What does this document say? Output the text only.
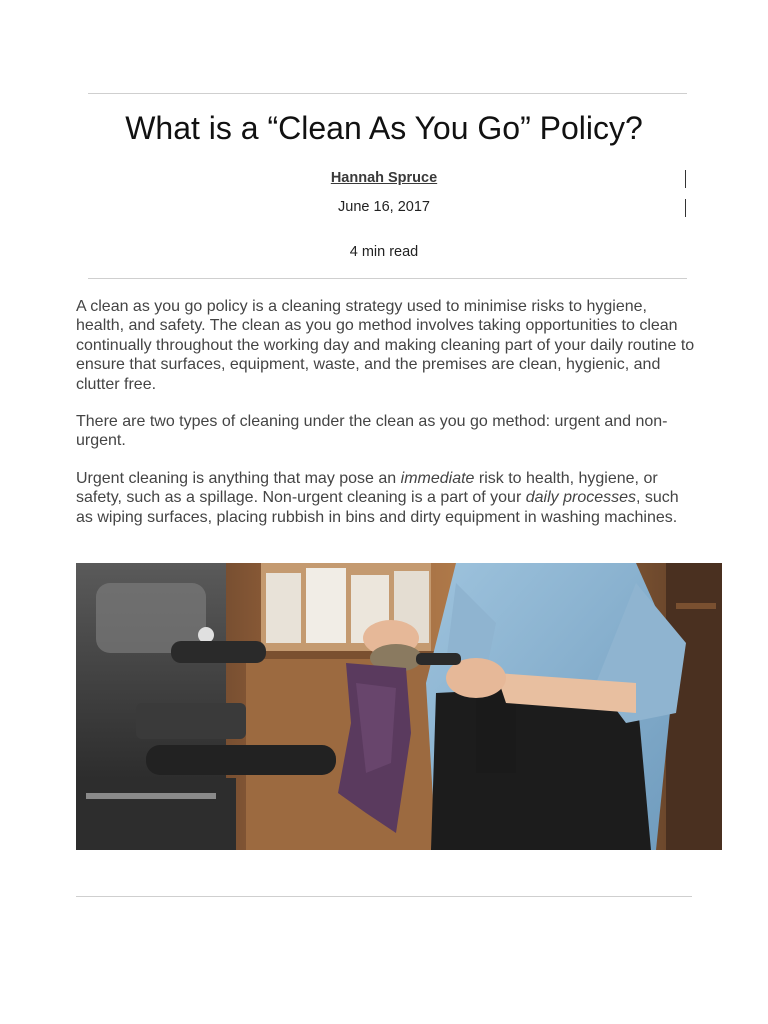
What is a “Clean As You Go” Policy?
Hannah Spruce
June 16, 2017
4 min read

A clean as you go policy is a cleaning strategy used to minimise risks to hygiene, health, and safety. The clean as you go method involves taking opportunities to clean continually throughout the working day and making cleaning part of your daily routine to ensure that surfaces, equipment, waste, and the premises are clean, hygienic, and clutter free.

There are two types of cleaning under the clean as you go method: urgent and non-urgent.

Urgent cleaning is anything that may pose an immediate risk to health, hygiene, or safety, such as a spillage. Non-urgent cleaning is a part of your daily processes, such as wiping surfaces, placing rubbish in bins and dirty equipment in washing machines.
